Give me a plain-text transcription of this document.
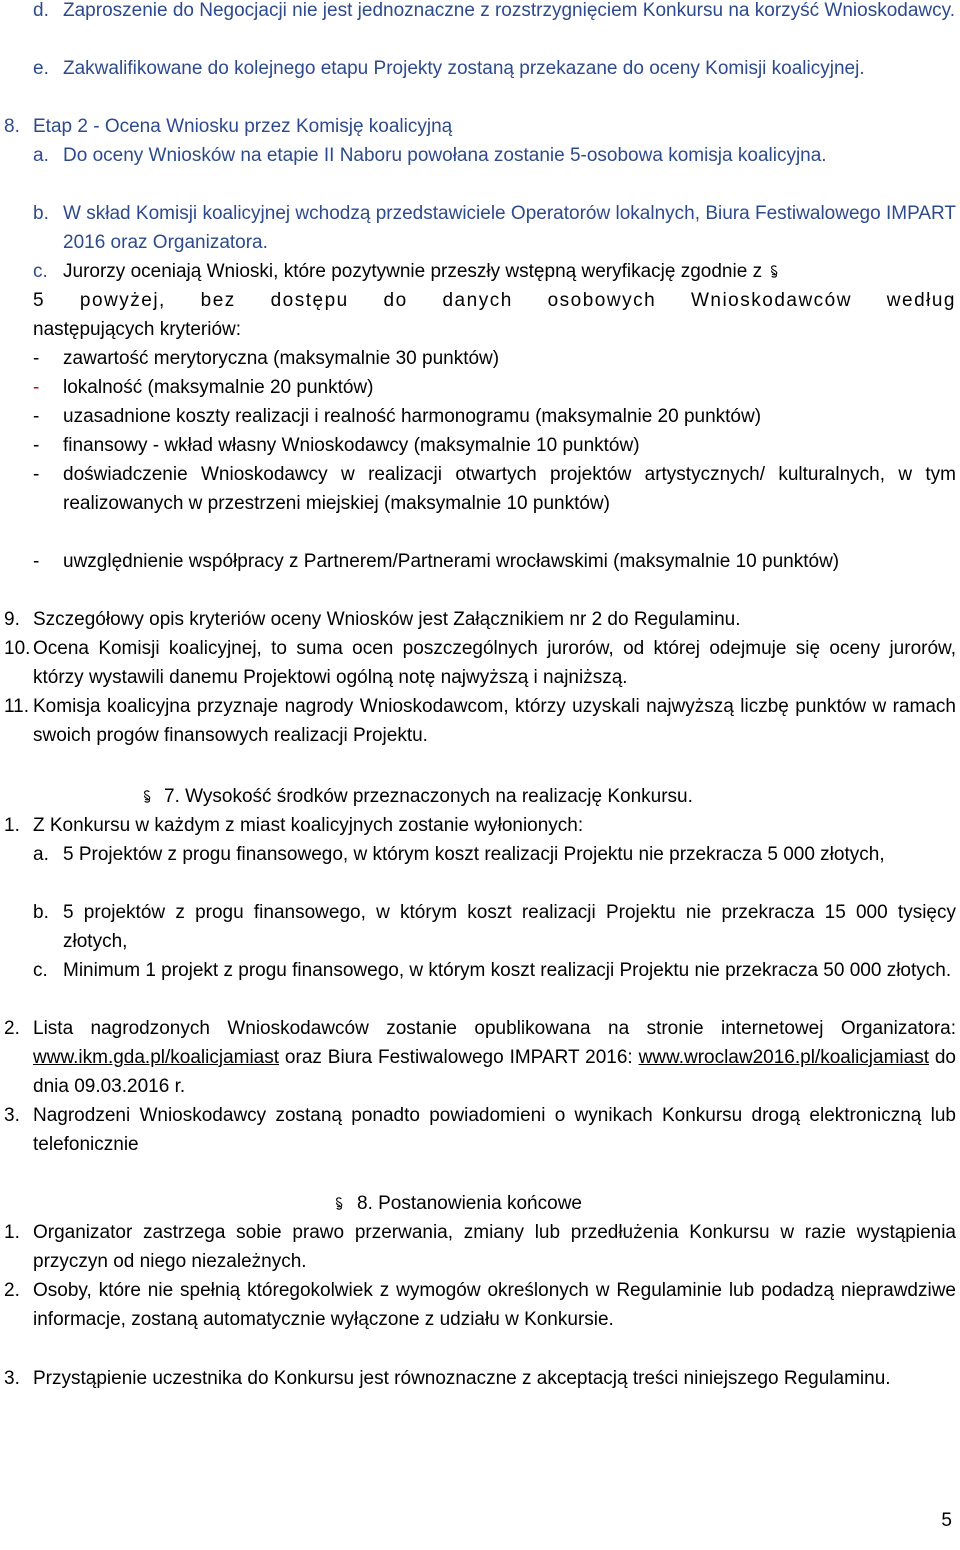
d. Zaproszenie do Negocjacji nie jest jednoznaczne z rozstrzygnięciem Konkursu na korzyść Wnioskodawcy.
e. Zakwalifikowane do kolejnego etapu Projekty zostaną przekazane do oceny Komisji koalicyjnej.
8. Etap 2 - Ocena Wniosku przez Komisję koalicyjną
a. Do oceny Wniosków na etapie II Naboru powołana zostanie 5-osobowa komisja koalicyjna.
b. W skład Komisji koalicyjnej wchodzą przedstawiciele Operatorów lokalnych, Biura Festiwalowego IMPART 2016 oraz Organizatora.
c. Jurorzy oceniają Wnioski, które pozytywnie przeszły wstępną weryfikację zgodnie z
5 powyżej, bez dostępu do danych osobowych Wnioskodawców według
następujących kryteriów:
- zawartość merytoryczna (maksymalnie 30 punktów)
- lokalność (maksymalnie 20 punktów)
- uzasadnione koszty realizacji i realność harmonogramu (maksymalnie 20 punktów)
- finansowy - wkład własny Wnioskodawcy (maksymalnie 10 punktów)
- doświadczenie Wnioskodawcy w realizacji otwartych projektów artystycznych/ kulturalnych, w tym realizowanych w przestrzeni miejskiej (maksymalnie 10 punktów)
- uwzględnienie współpracy z Partnerem/Partnerami wrocławskimi (maksymalnie 10 punktów)
9. Szczegółowy opis kryteriów oceny Wniosków jest Załącznikiem nr 2 do Regulaminu.
10. Ocena Komisji koalicyjnej, to suma ocen poszczególnych jurorów, od której odejmuje się oceny jurorów, którzy wystawili danemu Projektowi ogólną notę najwyższą i najniższą.
11. Komisja koalicyjna przyznaje nagrody Wnioskodawcom, którzy uzyskali najwyższą liczbę punktów w ramach swoich progów finansowych realizacji Projektu.
7. Wysokość środków przeznaczonych na realizację Konkursu.
1. Z Konkursu w każdym z miast koalicyjnych zostanie wyłonionych:
a. 5 Projektów z progu finansowego, w którym koszt realizacji Projektu nie przekracza 5 000 złotych,
b. 5 projektów z progu finansowego, w którym koszt realizacji Projektu nie przekracza 15 000 tysięcy złotych,
c. Minimum 1 projekt z progu finansowego, w którym koszt realizacji Projektu nie przekracza 50 000 złotych.
2. Lista nagrodzonych Wnioskodawców zostanie opublikowana na stronie internetowej Organizatora: www.ikm.gda.pl/koalicjamiast oraz Biura Festiwalowego IMPART 2016: www.wroclaw2016.pl/koalicjamiast do dnia 09.03.2016 r.
3. Nagrodzeni Wnioskodawcy zostaną ponadto powiadomieni o wynikach Konkursu drogą elektroniczną lub telefonicznie
8. Postanowienia końcowe
1. Organizator zastrzega sobie prawo przerwania, zmiany lub przedłużenia Konkursu w razie wystąpienia przyczyn od niego niezależnych.
2. Osoby, które nie spełnią któregokolwiek z wymogów określonych w Regulaminie lub podadzą nieprawdziwe informacje, zostaną automatycznie wyłączone z udziału w Konkursie.
3. Przystąpienie uczestnika do Konkursu jest równoznaczne z akceptacją treści niniejszego Regulaminu.
5
